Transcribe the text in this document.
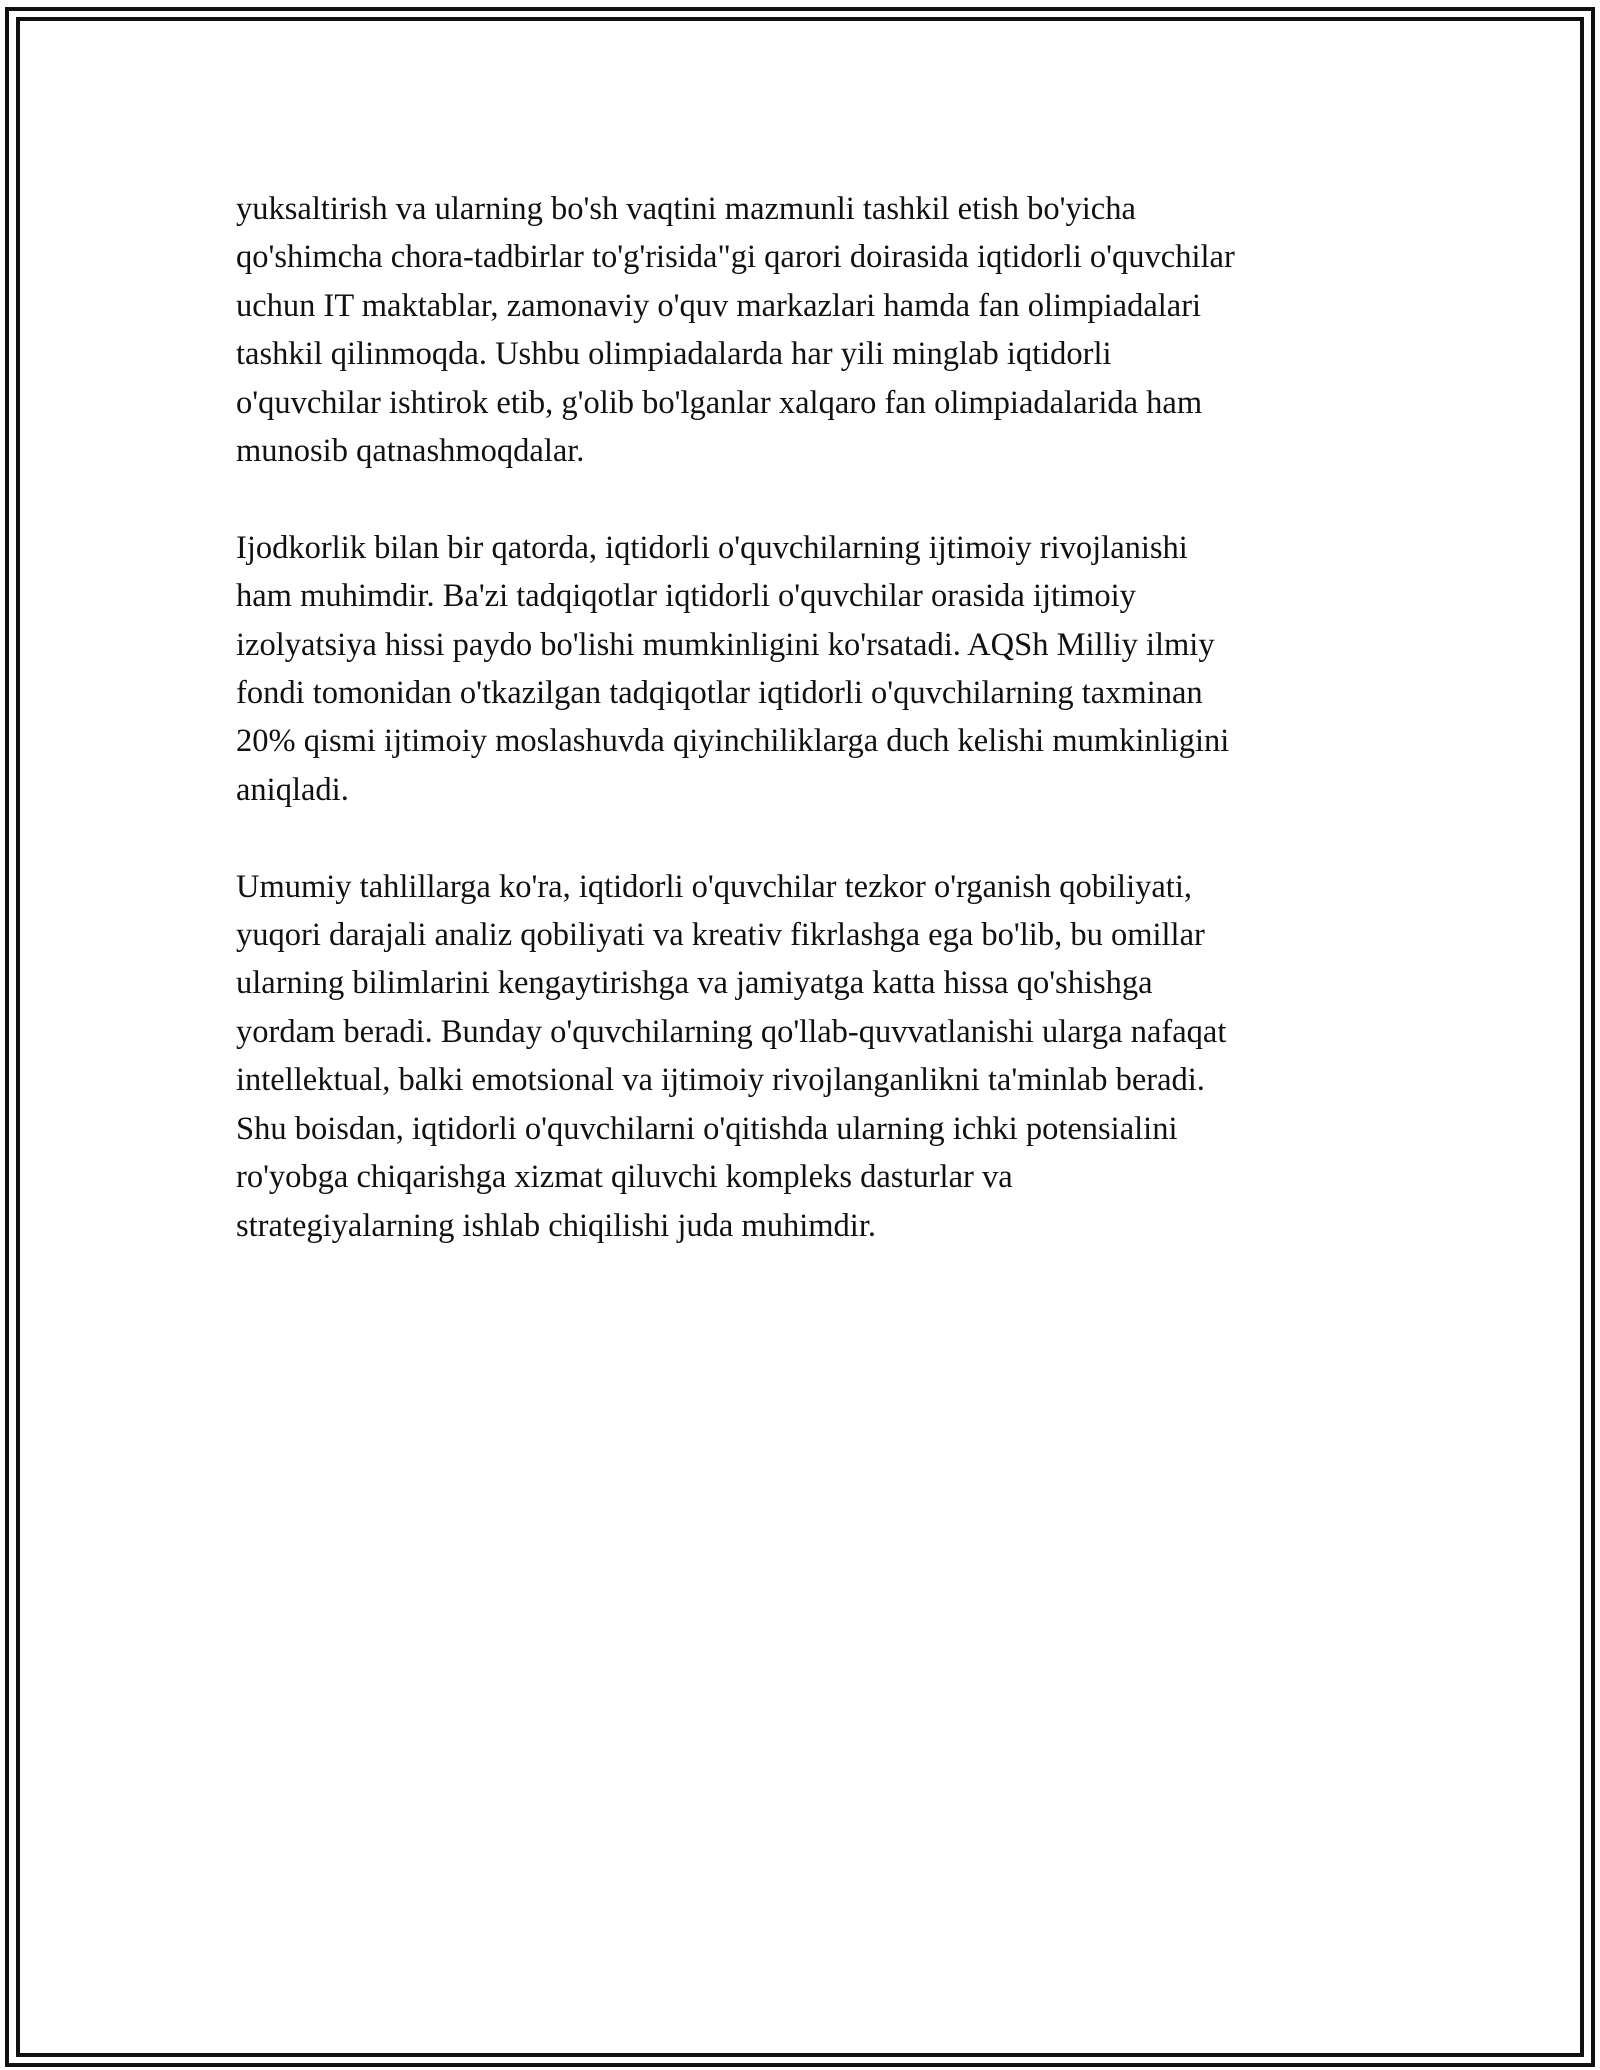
yuksaltirish va ularning bo'sh vaqtini mazmunli tashkil etish bo'yicha
qo'shimcha chora-tadbirlar to'g'risida"gi qarori doirasida iqtidorli o'quvchilar
uchun IT maktablar, zamonaviy o'quv markazlari hamda fan olimpiadalari
tashkil qilinmoqda. Ushbu olimpiadalarda har yili minglab iqtidorli
o'quvchilar ishtirok etib, g'olib bo'lganlar xalqaro fan olimpiadalarida ham
munosib qatnashmoqdalar.

Ijodkorlik bilan bir qatorda, iqtidorli o'quvchilarning ijtimoiy rivojlanishi
ham muhimdir. Ba'zi tadqiqotlar iqtidorli o'quvchilar orasida ijtimoiy
izolyatsiya hissi paydo bo'lishi mumkinligini ko'rsatadi. AQSh Milliy ilmiy
fondi tomonidan o'tkazilgan tadqiqotlar iqtidorli o'quvchilarning taxminan
20% qismi ijtimoiy moslashuvda qiyinchiliklarga duch kelishi mumkinligini
aniqladi.

Umumiy tahlillarga ko'ra, iqtidorli o'quvchilar tezkor o'rganish qobiliyati,
yuqori darajali analiz qobiliyati va kreativ fikrlashga ega bo'lib, bu omillar
ularning bilimlarini kengaytirishga va jamiyatga katta hissa qo'shishga
yordam beradi. Bunday o'quvchilarning qo'llab-quvvatlanishi ularga nafaqat
intellektual, balki emotsional va ijtimoiy rivojlanganlikni ta'minlab beradi.
Shu boisdan, iqtidorli o'quvchilarni o'qitishda ularning ichki potensialini
ro'yobga chiqarishga xizmat qiluvchi kompleks dasturlar va
strategiyalarning ishlab chiqilishi juda muhimdir.
